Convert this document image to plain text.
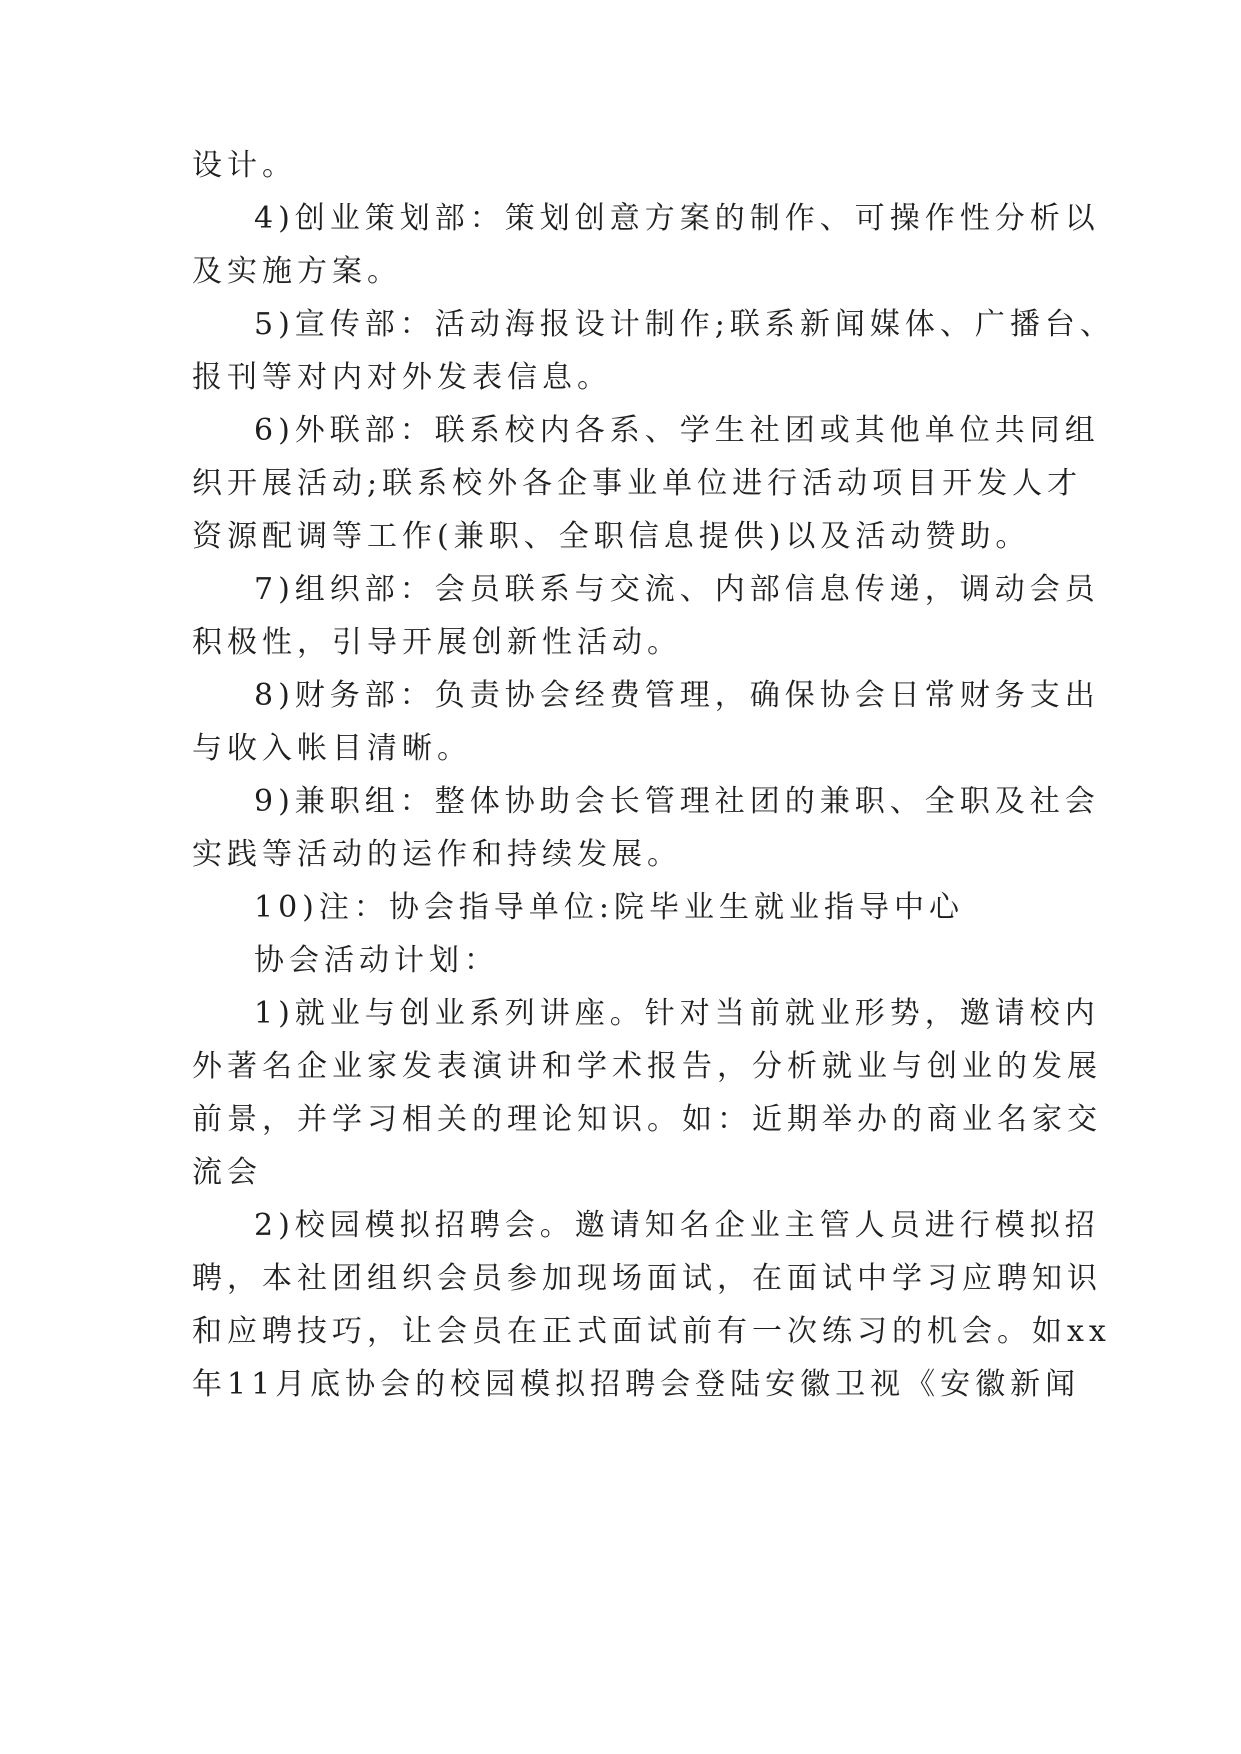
设计。
4)创业策划部：策划创意方案的制作、可操作性分析以
及实施方案。
5)宣传部：活动海报设计制作;联系新闻媒体、广播台、
报刊等对内对外发表信息。
6)外联部：联系校内各系、学生社团或其他单位共同组
织开展活动;联系校外各企事业单位进行活动项目开发人才
资源配调等工作(兼职、全职信息提供)以及活动赞助。
7)组织部：会员联系与交流、内部信息传递，调动会员
积极性，引导开展创新性活动。
8)财务部：负责协会经费管理，确保协会日常财务支出
与收入帐目清晰。
9)兼职组：整体协助会长管理社团的兼职、全职及社会
实践等活动的运作和持续发展。
10)注：协会指导单位:院毕业生就业指导中心
协会活动计划：
1)就业与创业系列讲座。针对当前就业形势，邀请校内
外著名企业家发表演讲和学术报告，分析就业与创业的发展
前景，并学习相关的理论知识。如：近期举办的商业名家交
流会
2)校园模拟招聘会。邀请知名企业主管人员进行模拟招
聘，本社团组织会员参加现场面试，在面试中学习应聘知识
和应聘技巧，让会员在正式面试前有一次练习的机会。如xx
年11月底协会的校园模拟招聘会登陆安徽卫视《安徽新闻
